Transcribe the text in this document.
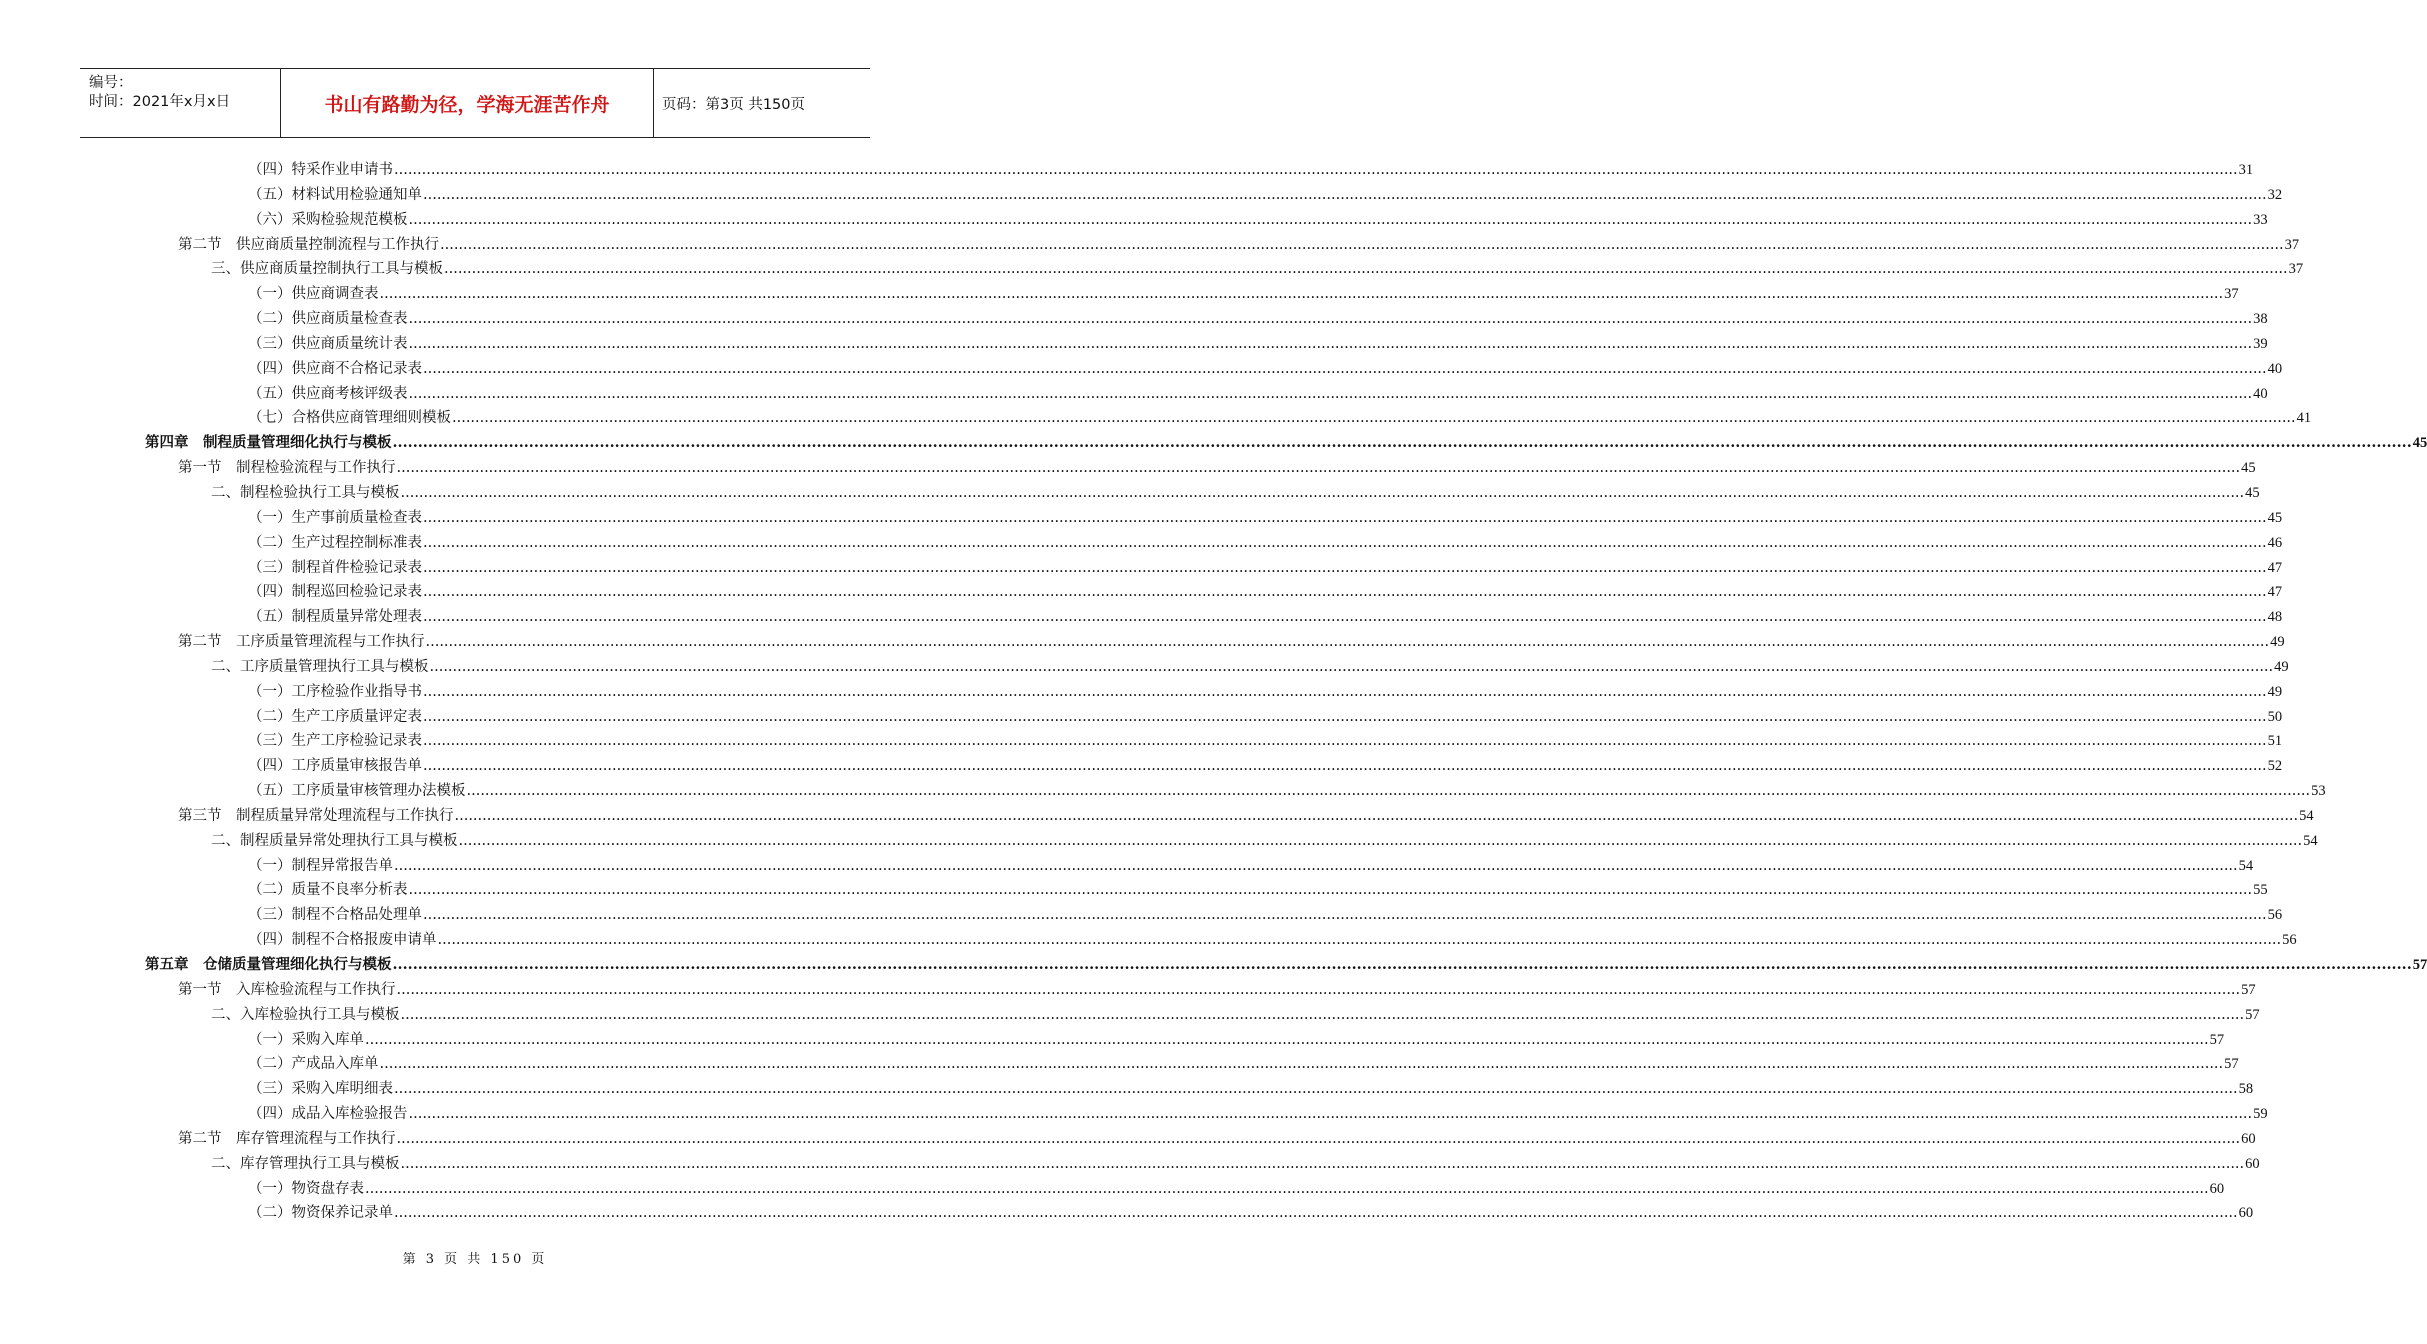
编号：
时间：2021年x月x日	书山有路勤为径，学海无涯苦作舟	页码：第3页 共150页
（四）特采作业申请书 ................................................................................................................................................................................................................................................................................................................................................................................................................ 31
（五）材料试用检验通知单 ................................................................................................................................................................................................................................................................................................................................................................................................................ 32
（六）采购检验规范模板 ................................................................................................................................................................................................................................................................................................................................................................................................................ 33
第二节　供应商质量控制流程与工作执行 ................................................................................................................................................................................................................................................................................................................................................................................................................ 37
三、供应商质量控制执行工具与模板 ................................................................................................................................................................................................................................................................................................................................................................................................................ 37
（一）供应商调查表 ................................................................................................................................................................................................................................................................................................................................................................................................................ 37
（二）供应商质量检查表 ................................................................................................................................................................................................................................................................................................................................................................................................................ 38
（三）供应商质量统计表 ................................................................................................................................................................................................................................................................................................................................................................................................................ 39
（四）供应商不合格记录表 ................................................................................................................................................................................................................................................................................................................................................................................................................ 40
（五）供应商考核评级表 ................................................................................................................................................................................................................................................................................................................................................................................................................ 40
（七）合格供应商管理细则模板 ................................................................................................................................................................................................................................................................................................................................................................................................................ 41
第四章　制程质量管理细化执行与模板 ................................................................................................................................................................................................................................................................................................................................................................................................................ 45
第一节　制程检验流程与工作执行 ................................................................................................................................................................................................................................................................................................................................................................................................................ 45
二、制程检验执行工具与模板 ................................................................................................................................................................................................................................................................................................................................................................................................................ 45
（一）生产事前质量检查表 ................................................................................................................................................................................................................................................................................................................................................................................................................ 45
（二）生产过程控制标准表 ................................................................................................................................................................................................................................................................................................................................................................................................................ 46
（三）制程首件检验记录表 ................................................................................................................................................................................................................................................................................................................................................................................................................ 47
（四）制程巡回检验记录表 ................................................................................................................................................................................................................................................................................................................................................................................................................ 47
（五）制程质量异常处理表 ................................................................................................................................................................................................................................................................................................................................................................................................................ 48
第二节　工序质量管理流程与工作执行 ................................................................................................................................................................................................................................................................................................................................................................................................................ 49
二、工序质量管理执行工具与模板 ................................................................................................................................................................................................................................................................................................................................................................................................................ 49
（一）工序检验作业指导书 ................................................................................................................................................................................................................................................................................................................................................................................................................ 49
（二）生产工序质量评定表 ................................................................................................................................................................................................................................................................................................................................................................................................................ 50
（三）生产工序检验记录表 ................................................................................................................................................................................................................................................................................................................................................................................................................ 51
（四）工序质量审核报告单 ................................................................................................................................................................................................................................................................................................................................................................................................................ 52
（五）工序质量审核管理办法模板 ................................................................................................................................................................................................................................................................................................................................................................................................................ 53
第三节　制程质量异常处理流程与工作执行 ................................................................................................................................................................................................................................................................................................................................................................................................................ 54
二、制程质量异常处理执行工具与模板 ................................................................................................................................................................................................................................................................................................................................................................................................................ 54
（一）制程异常报告单 ................................................................................................................................................................................................................................................................................................................................................................................................................ 54
（二）质量不良率分析表 ................................................................................................................................................................................................................................................................................................................................................................................................................ 55
（三）制程不合格品处理单 ................................................................................................................................................................................................................................................................................................................................................................................................................ 56
（四）制程不合格报废申请单 ................................................................................................................................................................................................................................................................................................................................................................................................................ 56
第五章　仓储质量管理细化执行与模板 ................................................................................................................................................................................................................................................................................................................................................................................................................ 57
第一节　入库检验流程与工作执行 ................................................................................................................................................................................................................................................................................................................................................................................................................ 57
二、入库检验执行工具与模板 ................................................................................................................................................................................................................................................................................................................................................................................................................ 57
（一）采购入库单 ................................................................................................................................................................................................................................................................................................................................................................................................................ 57
（二）产成品入库单 ................................................................................................................................................................................................................................................................................................................................................................................................................ 57
（三）采购入库明细表 ................................................................................................................................................................................................................................................................................................................................................................................................................ 58
（四）成品入库检验报告 ................................................................................................................................................................................................................................................................................................................................................................................................................ 59
第二节　库存管理流程与工作执行 ................................................................................................................................................................................................................................................................................................................................................................................................................ 60
二、库存管理执行工具与模板 ................................................................................................................................................................................................................................................................................................................................................................................................................ 60
（一）物资盘存表 ................................................................................................................................................................................................................................................................................................................................................................................................................ 60
（二）物资保养记录单 ................................................................................................................................................................................................................................................................................................................................................................................................................ 60
第 3 页 共 150 页
